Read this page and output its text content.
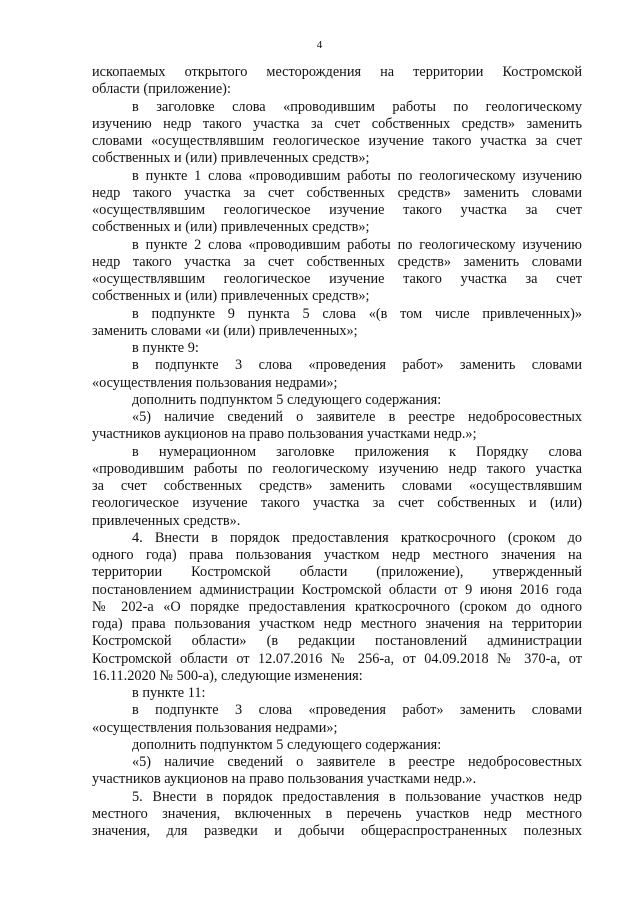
4
ископаемых открытого месторождения на территории Костромской
области (приложение):
в заголовке слова «проводившим работы по геологическому
изучению недр такого участка за счет собственных средств» заменить
словами «осуществлявшим геологическое изучение такого участка за счет
собственных и (или) привлеченных средств»;
в пункте 1 слова «проводившим работы по геологическому изучению
недр такого участка за счет собственных средств» заменить словами
«осуществлявшим геологическое изучение такого участка за счет
собственных и (или) привлеченных средств»;
в пункте 2 слова «проводившим работы по геологическому изучению
недр такого участка за счет собственных средств» заменить словами
«осуществлявшим геологическое изучение такого участка за счет
собственных и (или) привлеченных средств»;
в подпункте 9 пункта 5 слова «(в том числе привлеченных)»
заменить словами «и (или) привлеченных»;
в пункте 9:
в подпункте 3 слова «проведения работ» заменить словами
«осуществления пользования недрами»;
дополнить подпунктом 5 следующего содержания:
«5) наличие сведений о заявителе в реестре недобросовестных
участников аукционов на право пользования участками недр.»;
в нумерационном заголовке приложения к Порядку слова
«проводившим работы по геологическому изучению недр такого участка
за счет собственных средств» заменить словами «осуществлявшим
геологическое изучение такого участка за счет собственных и (или)
привлеченных средств».
4. Внести в порядок предоставления краткосрочного (сроком до
одного года) права пользования участком недр местного значения на
территории Костромской области (приложение), утвержденный
постановлением администрации Костромской области от 9 июня 2016 года
№ 202-а «О порядке предоставления краткосрочного (сроком до одного
года) права пользования участком недр местного значения на территории
Костромской области» (в редакции постановлений администрации
Костромской области от 12.07.2016 № 256-а, от 04.09.2018 № 370-а, от
16.11.2020 № 500-а), следующие изменения:
в пункте 11:
в подпункте 3 слова «проведения работ» заменить словами
«осуществления пользования недрами»;
дополнить подпунктом 5 следующего содержания:
«5) наличие сведений о заявителе в реестре недобросовестных
участников аукционов на право пользования участками недр.».
5. Внести в порядок предоставления в пользование участков недр
местного значения, включенных в перечень участков недр местного
значения, для разведки и добычи общераспространенных полезных
